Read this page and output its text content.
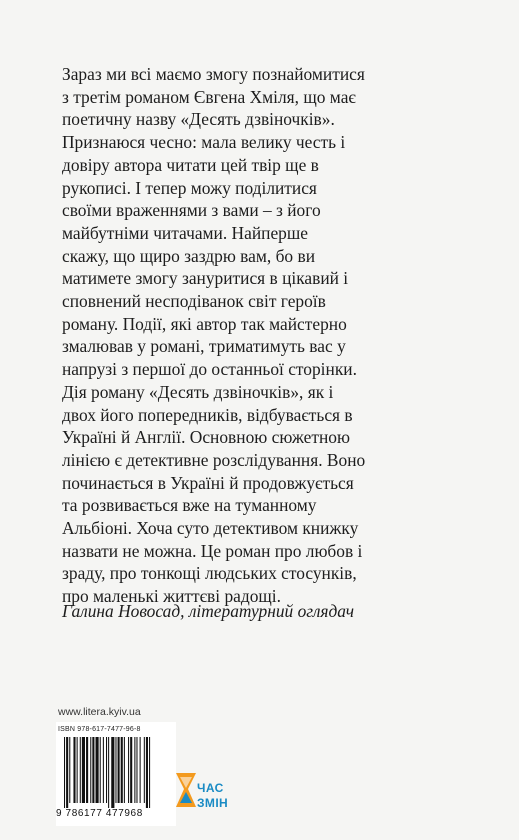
Зараз ми всі маємо змогу познайомитися
з третім романом Євгена Хміля, що має
поетичну назву «Десять дзвіночків».
Признаюся чесно: мала велику честь і
довіру автора читати цей твір ще в
рукописі. І тепер можу поділитися
своїми враженнями з вами – з його
майбутніми читачами. Найперше
скажу, що щиро заздрю вам, бо ви
матимете змогу зануритися в цікавий і
сповнений несподіванок світ героїв
роману. Події, які автор так майстерно
змалював у романі, триматимуть вас у
напрузі з першої до останньої сторінки.
Дія роману «Десять дзвіночків», як і
двох його попередників, відбувається в
Україні й Англії. Основною сюжетною
лінією є детективне розслідування. Воно
починається в Україні й продовжується
та розвивається вже на туманному
Альбіоні. Хоча суто детективом книжку
назвати не можна. Це роман про любов і
зраду, про тонкощі людських стосунків,
про маленькі життєві радощі.

Галина Новосад, літературний оглядач

www.litera.kyiv.ua
ISBN 978-617-7477-96-8
9 786177 477968
ЧАС
ЗМІН
